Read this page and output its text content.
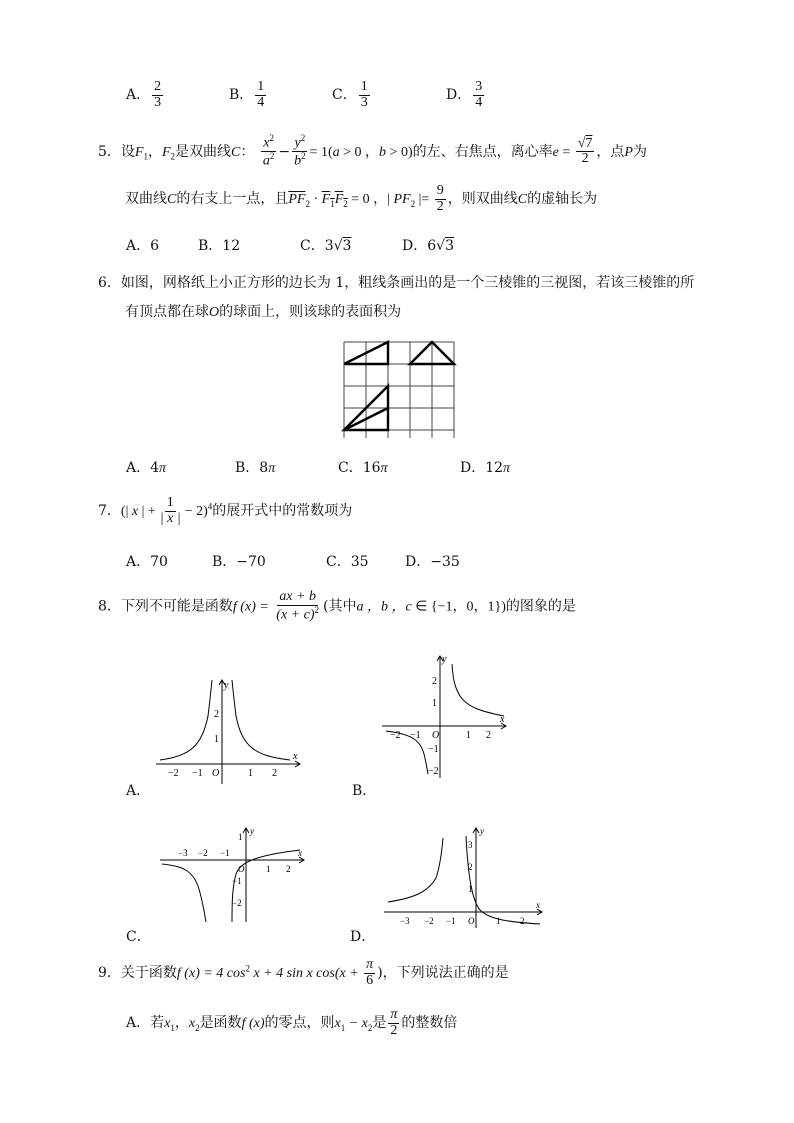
A． $\frac{2}{3}$	B． $\frac{1}{4}$	C． $\frac{1}{3}$	D． $\frac{3}{4}$
5．设$F_1$，$F_2$是双曲线C： $\frac{x^2}{a^2} - \frac{y^2}{b^2} = 1(a > 0$ ，b > 0)的左、右焦点，离心率$e = \frac{√7}{2}$ ，点P为
双曲线C的右支上一点，且$\overline{PF}_2 \cdot F_1F_2 = 0$ ，| $PF_2$ |= $\frac{9}{2}$ ，则双曲线C的虚轴长为
A．6	B．12	C．3√3	D．6√3
6．如图，网格纸上小正方形的边长为 1，粗线条画出的是一个三棱锥的三视图，若该三棱锥的所
有顶点都在球O的球面上，则该球的表面积为
A．4π	B．8π	C．16π	D．12π
7．(| x | + $\frac{1}{| x |} - 2)^4$的展开式中的常数项为
A．70	B．−70	C．35	D．−35
8．下列不可能是函数f $(x) = \frac{ax + b}{(x + c)^2}$ (其中a ，b ，c ∈ {−1，0，1})的图象的是
y
x
O
−2 −1	1 2
2
1
A．
y
x
O
−2 −1	1 2
2
1
−1
−2
B．
y
x
O
−3 −2 −1
1 2
1
−1
−2
C．
y
x
O
−3 −2 −1	1 2
3
2
1
D．
9．关于函数f (x) = 4 $\cos^2 x + 4$ sin x $\cos(x + \frac{\pi}{6}$ )，下列说法正确的是
A．若$x_1$，$x_2$是函数f (x)的零点，则$x_1 - x_2$是 $\frac{\pi}{2}$ 的整数倍
